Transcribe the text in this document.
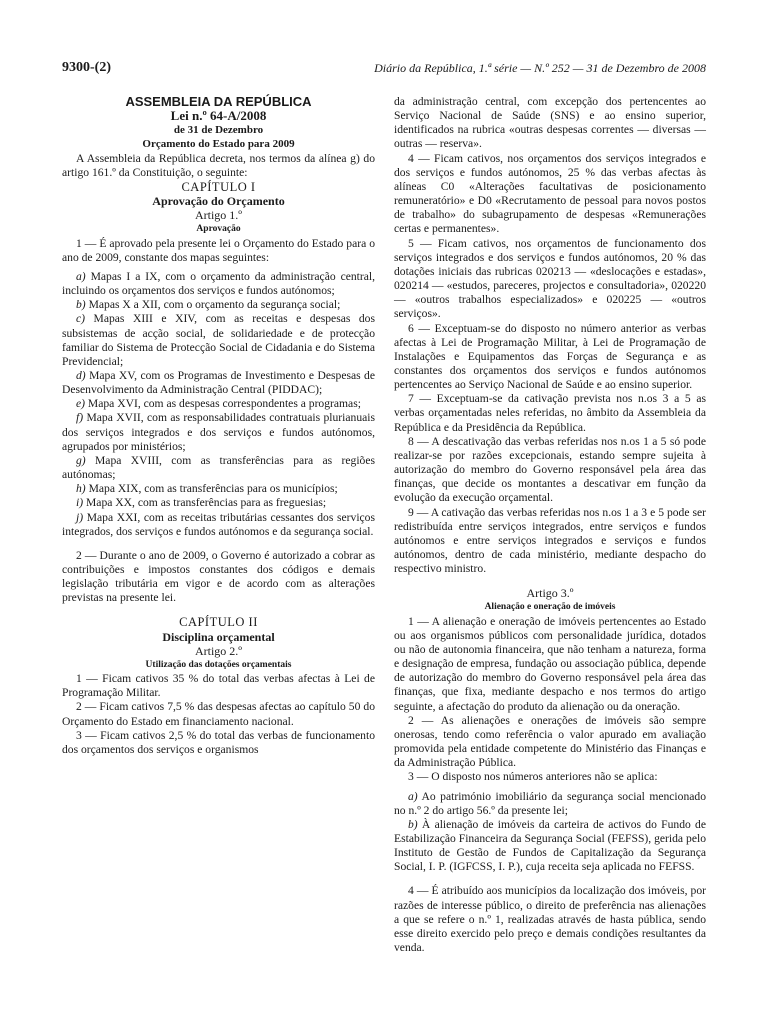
9300-(2)	Diário da República, 1.ª série — N.º 252 — 31 de Dezembro de 2008

ASSEMBLEIA DA REPÚBLICA

Lei n.º 64-A/2008

de 31 de Dezembro

Orçamento do Estado para 2009

A Assembleia da República decreta, nos termos da alínea g) do artigo 161.º da Constituição, o seguinte:

CAPÍTULO I

Aprovação do Orçamento

Artigo 1.º

Aprovação

1 — É aprovado pela presente lei o Orçamento do Estado para o ano de 2009, constante dos mapas seguintes:

a) Mapas I a IX, com o orçamento da administração central, incluindo os orçamentos dos serviços e fundos autónomos;

b) Mapas X a XII, com o orçamento da segurança social;

c) Mapas XIII e XIV, com as receitas e despesas dos subsistemas de acção social, de solidariedade e de protecção familiar do Sistema de Protecção Social de Cidadania e do Sistema Previdencial;

d) Mapa XV, com os Programas de Investimento e Despesas de Desenvolvimento da Administração Central (PIDDAC);

e) Mapa XVI, com as despesas correspondentes a programas;

f) Mapa XVII, com as responsabilidades contratuais plurianuais dos serviços integrados e dos serviços e fundos autónomos, agrupados por ministérios;

g) Mapa XVIII, com as transferências para as regiões autónomas;

h) Mapa XIX, com as transferências para os municípios;

i) Mapa XX, com as transferências para as freguesias;

j) Mapa XXI, com as receitas tributárias cessantes dos serviços integrados, dos serviços e fundos autónomos e da segurança social.

2 — Durante o ano de 2009, o Governo é autorizado a cobrar as contribuições e impostos constantes dos códigos e demais legislação tributária em vigor e de acordo com as alterações previstas na presente lei.

CAPÍTULO II

Disciplina orçamental

Artigo 2.º

Utilização das dotações orçamentais

1 — Ficam cativos 35 % do total das verbas afectas à Lei de Programação Militar.

2 — Ficam cativos 7,5 % das despesas afectas ao capítulo 50 do Orçamento do Estado em financiamento nacional.

3 — Ficam cativos 2,5 % do total das verbas de funcionamento dos orçamentos dos serviços e organismos

da administração central, com excepção dos pertencentes ao Serviço Nacional de Saúde (SNS) e ao ensino superior, identificados na rubrica «outras despesas correntes — diversas — outras — reserva».

4 — Ficam cativos, nos orçamentos dos serviços integrados e dos serviços e fundos autónomos, 25 % das verbas afectas às alíneas C0 «Alterações facultativas de posicionamento remuneratório» e D0 «Recrutamento de pessoal para novos postos de trabalho» do subagrupamento de despesas «Remunerações certas e permanentes».

5 — Ficam cativos, nos orçamentos de funcionamento dos serviços integrados e dos serviços e fundos autónomos, 20 % das dotações iniciais das rubricas 020213 — «deslocações e estadas», 020214 — «estudos, pareceres, projectos e consultadoria», 020220 — «outros trabalhos especializados» e 020225 — «outros serviços».

6 — Exceptuam-se do disposto no número anterior as verbas afectas à Lei de Programação Militar, à Lei de Programação de Instalações e Equipamentos das Forças de Segurança e as constantes dos orçamentos dos serviços e fundos autónomos pertencentes ao Serviço Nacional de Saúde e ao ensino superior.

7 — Exceptuam-se da cativação prevista nos n.os 3 a 5 as verbas orçamentadas neles referidas, no âmbito da Assembleia da República e da Presidência da República.

8 — A descativação das verbas referidas nos n.os 1 a 5 só pode realizar-se por razões excepcionais, estando sempre sujeita à autorização do membro do Governo responsável pela área das finanças, que decide os montantes a descativar em função da evolução da execução orçamental.

9 — A cativação das verbas referidas nos n.os 1 a 3 e 5 pode ser redistribuída entre serviços integrados, entre serviços e fundos autónomos e entre serviços integrados e serviços e fundos autónomos, dentro de cada ministério, mediante despacho do respectivo ministro.

Artigo 3.º

Alienação e oneração de imóveis

1 — A alienação e oneração de imóveis pertencentes ao Estado ou aos organismos públicos com personalidade jurídica, dotados ou não de autonomia financeira, que não tenham a natureza, forma e designação de empresa, fundação ou associação pública, depende de autorização do membro do Governo responsável pela área das finanças, que fixa, mediante despacho e nos termos do artigo seguinte, a afectação do produto da alienação ou da oneração.

2 — As alienações e onerações de imóveis são sempre onerosas, tendo como referência o valor apurado em avaliação promovida pela entidade competente do Ministério das Finanças e da Administração Pública.

3 — O disposto nos números anteriores não se aplica:

a) Ao património imobiliário da segurança social mencionado no n.º 2 do artigo 56.º da presente lei;

b) À alienação de imóveis da carteira de activos do Fundo de Estabilização Financeira da Segurança Social (FEFSS), gerida pelo Instituto de Gestão de Fundos de Capitalização da Segurança Social, I. P. (IGFCSS, I. P.), cuja receita seja aplicada no FEFSS.

4 — É atribuído aos municípios da localização dos imóveis, por razões de interesse público, o direito de preferência nas alienações a que se refere o n.º 1, realizadas através de hasta pública, sendo esse direito exercido pelo preço e demais condições resultantes da venda.
